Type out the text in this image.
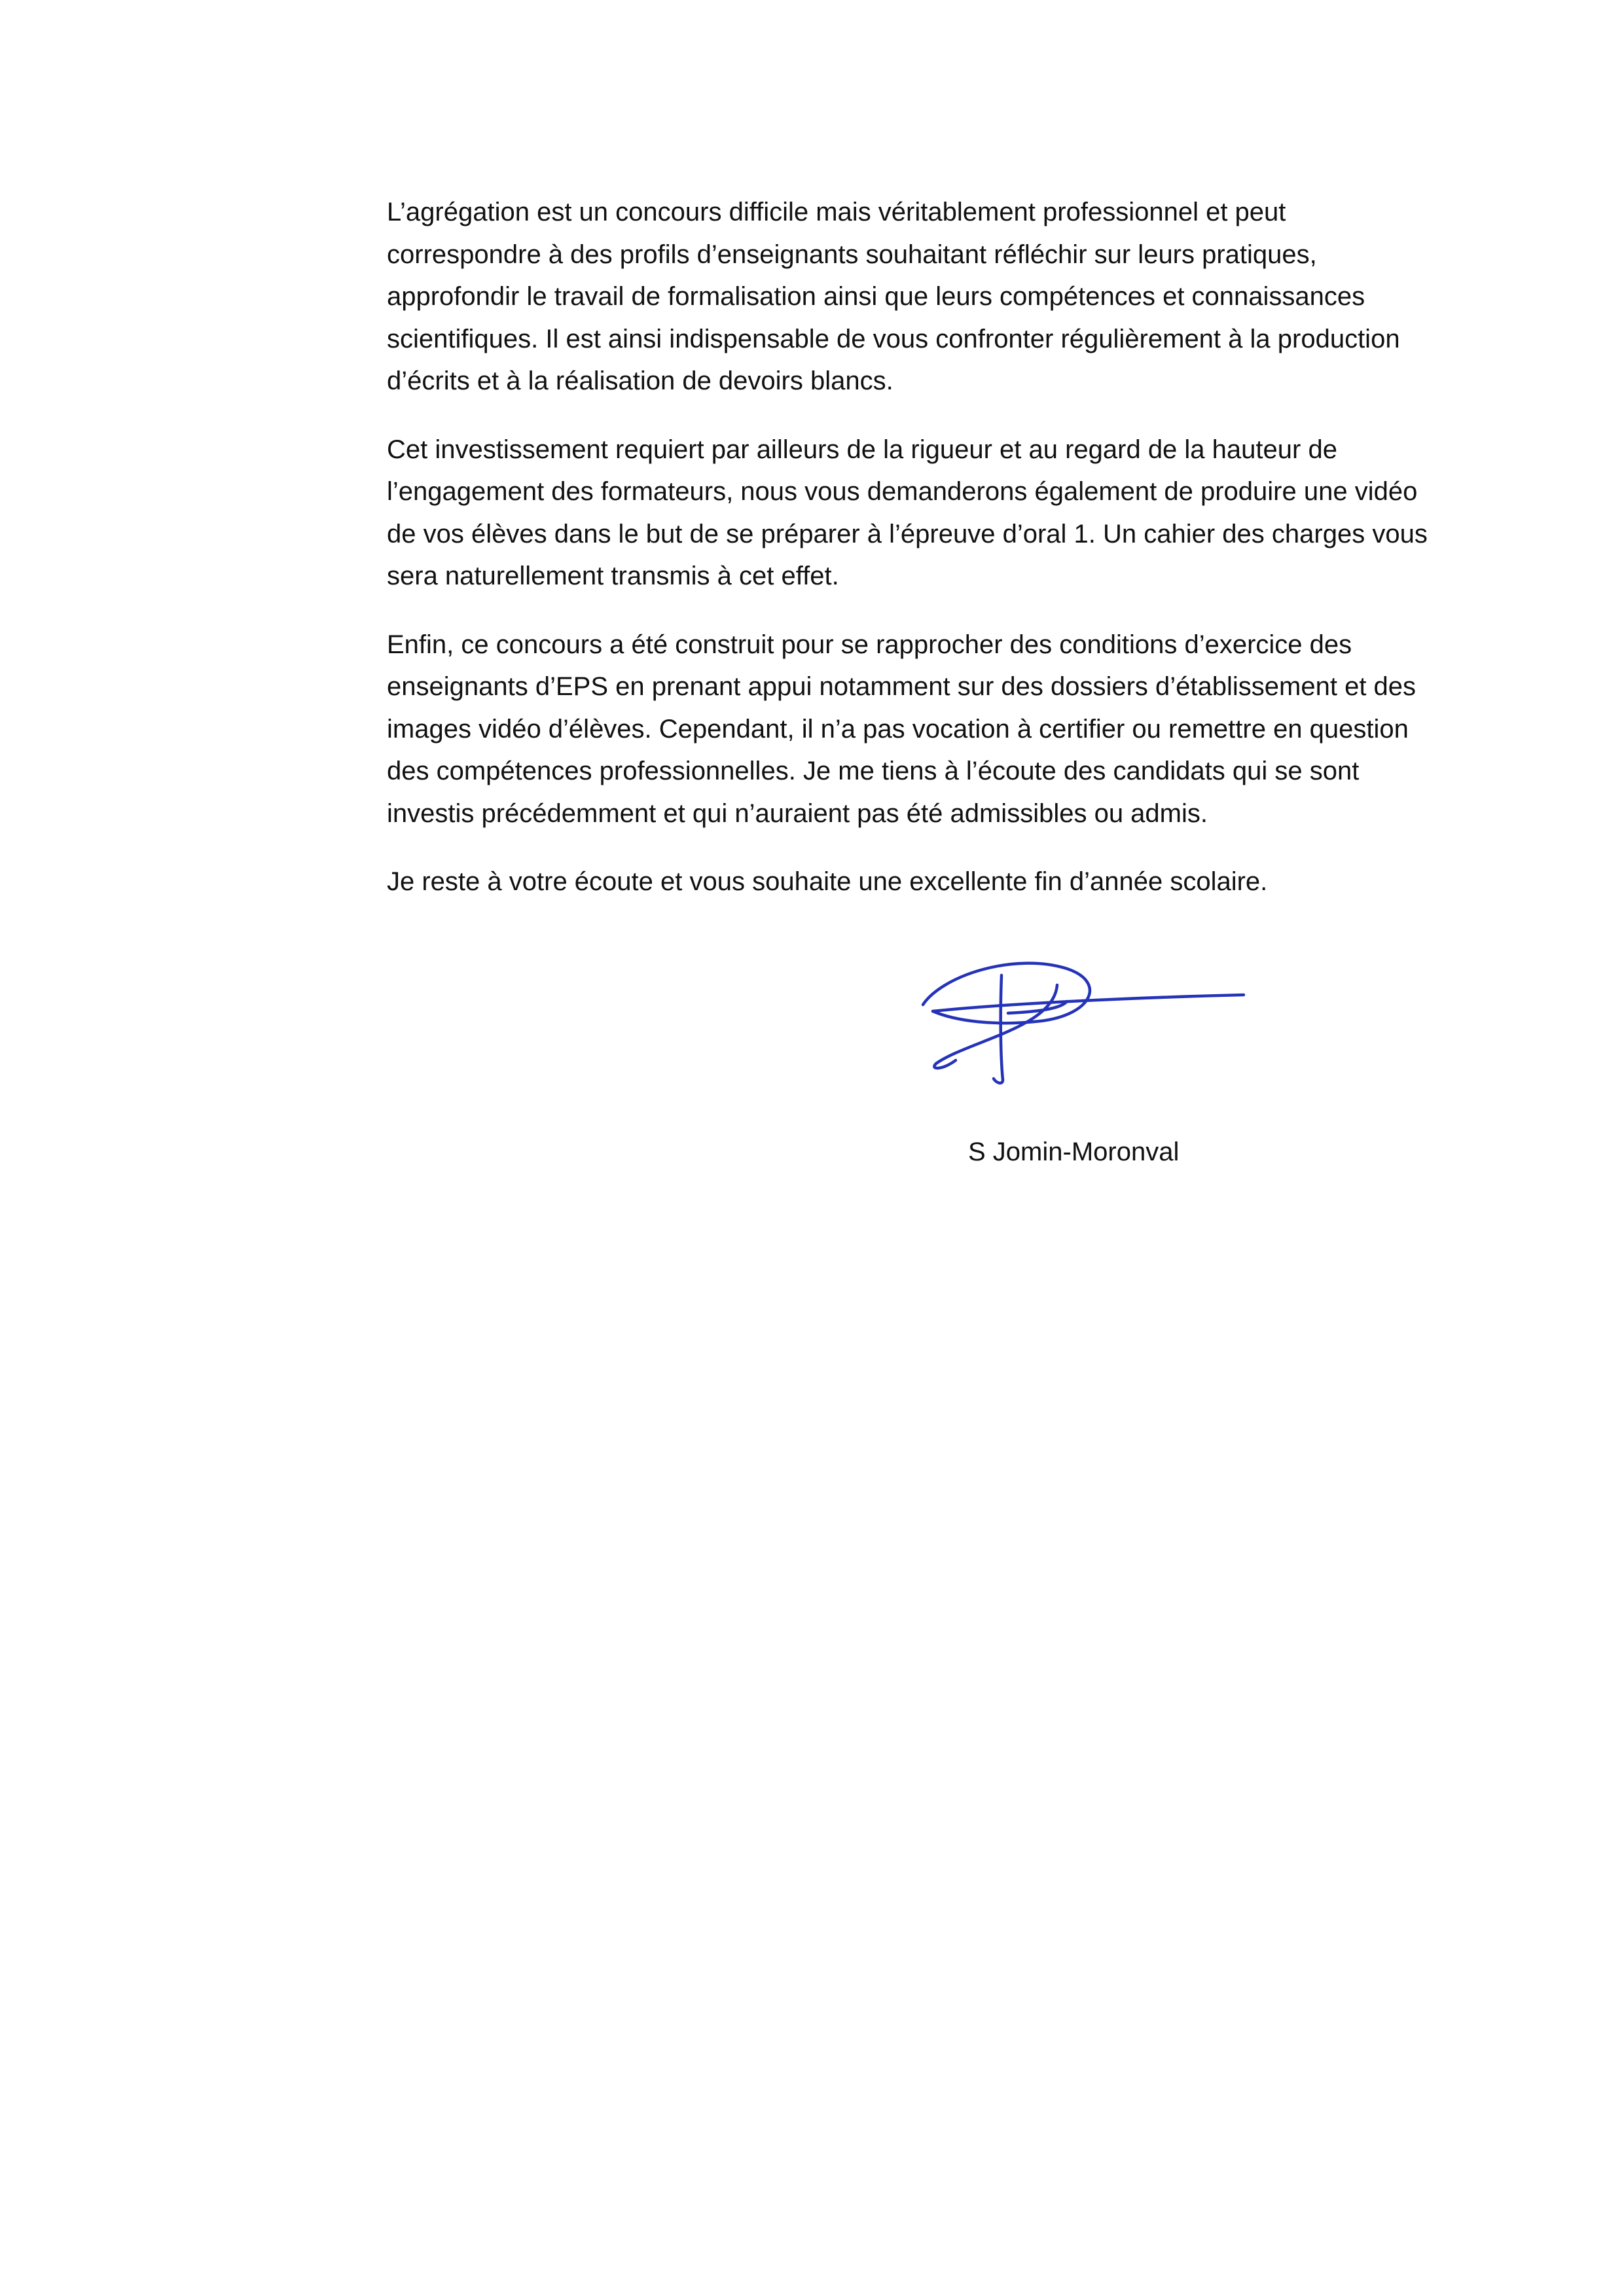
L’agrégation est un concours difficile mais véritablement professionnel et peut
correspondre à des profils d’enseignants souhaitant réfléchir sur leurs pratiques,
approfondir le travail de formalisation ainsi que leurs compétences et connaissances
scientifiques. Il est ainsi indispensable de vous confronter régulièrement à la production
d’écrits et à la réalisation de devoirs blancs.

Cet investissement requiert par ailleurs de la rigueur et au regard de la hauteur de
l’engagement des formateurs, nous vous demanderons également de produire une vidéo
de vos élèves dans le but de se préparer à l’épreuve d’oral 1. Un cahier des charges vous
sera naturellement transmis à cet effet.

Enfin, ce concours a été construit pour se rapprocher des conditions d’exercice des
enseignants d’EPS en prenant appui notamment sur des dossiers d’établissement et des
images vidéo d’élèves. Cependant, il n’a pas vocation à certifier ou remettre en question
des compétences professionnelles. Je me tiens à l’écoute des candidats qui se sont
investis précédemment et qui n’auraient pas été admissibles ou admis.

Je reste à votre écoute et vous souhaite une excellente fin d’année scolaire.

S Jomin-Moronval
